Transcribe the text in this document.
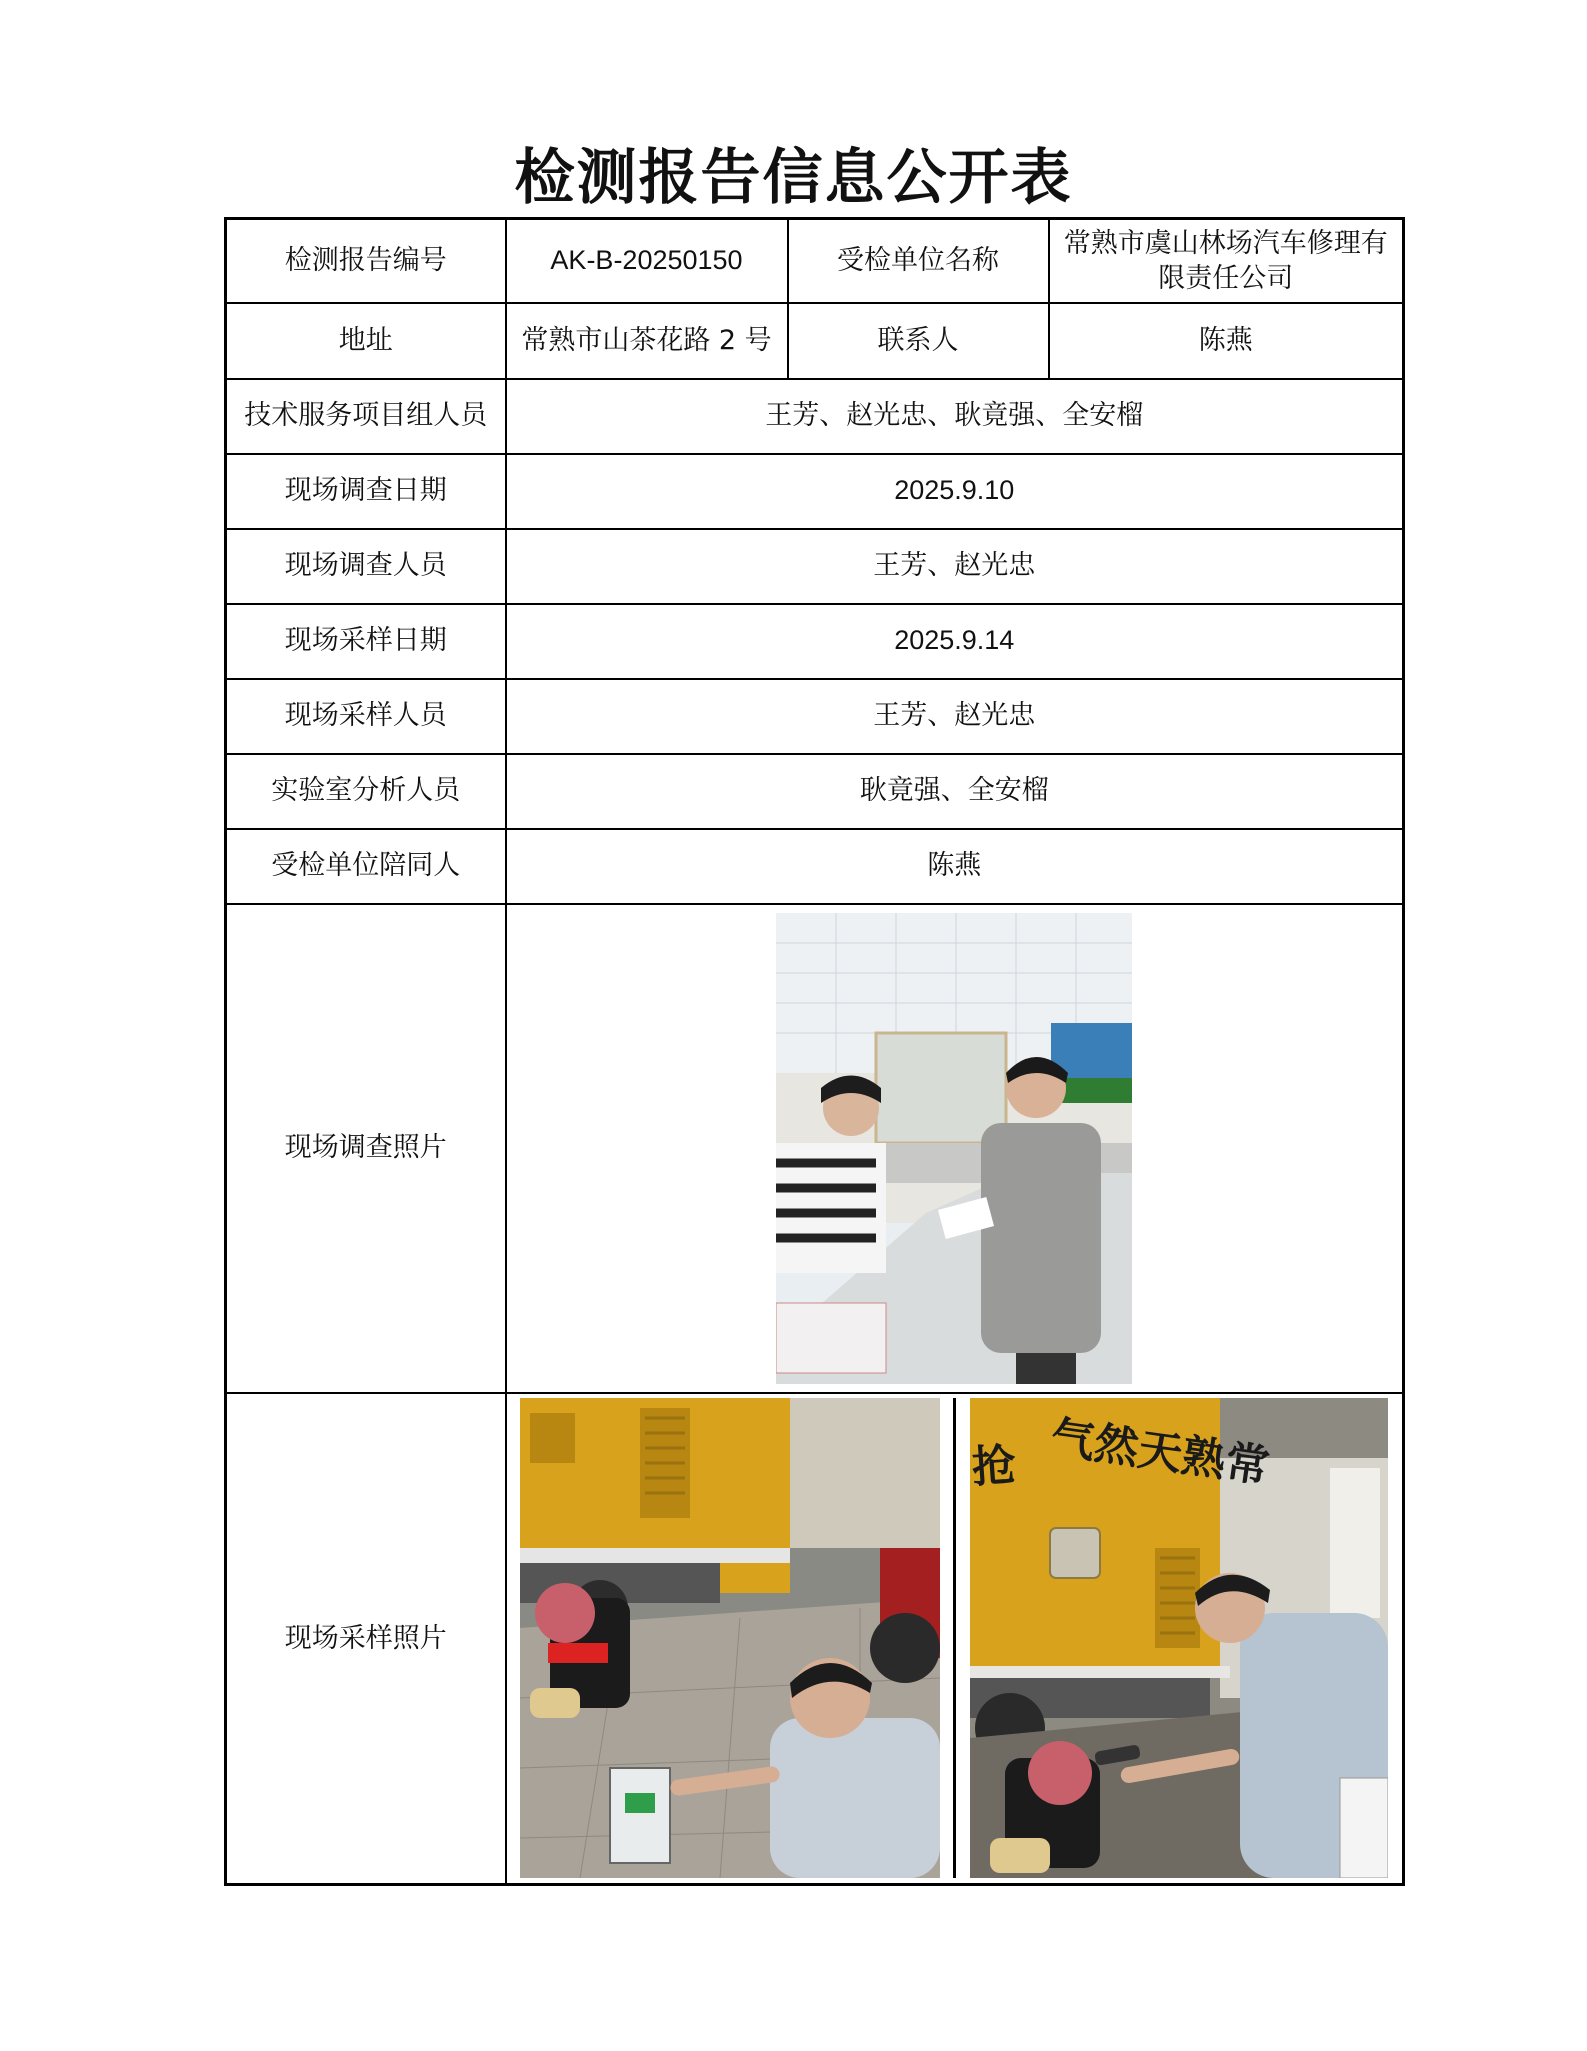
检测报告信息公开表
检测报告编号	AK-B-20250150	受检单位名称	常熟市虞山林场汽车修理有限责任公司
地址	常熟市山茶花路 2 号	联系人	陈燕
技术服务项目组人员	王芳、赵光忠、耿竟强、全安榴		
现场调查日期	2025.9.10		
现场调查人员	王芳、赵光忠		
现场采样日期	2025.9.14		
现场采样人员	王芳、赵光忠		
实验室分析人员	耿竟强、全安榴		
受检单位陪同人	陈燕		
现场调查照片	

现场采样照片	气然天熟常
抢		
